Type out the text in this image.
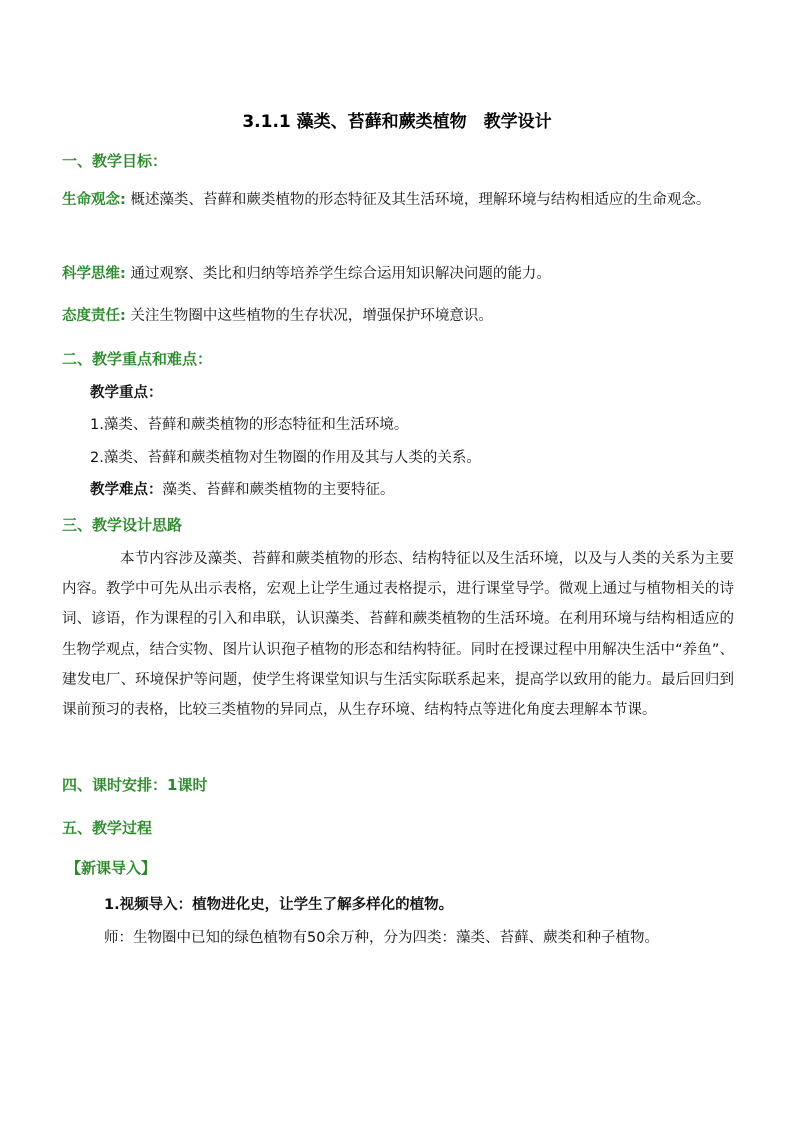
3.1.1 藻类、苔藓和蕨类植物　教学设计
一、教学目标：
生命观念: 概述藻类、苔藓和蕨类植物的形态特征及其生活环境，理解环境与结构相适应的生命观念。
科学思维: 通过观察、类比和归纳等培养学生综合运用知识解决问题的能力。
态度责任: 关注生物圈中这些植物的生存状况，增强保护环境意识。
二、教学重点和难点：
教学重点：
1.藻类、苔藓和蕨类植物的形态特征和生活环境。
2.藻类、苔藓和蕨类植物对生物圈的作用及其与人类的关系。
教学难点：藻类、苔藓和蕨类植物的主要特征。
三、教学设计思路
本节内容涉及藻类、苔藓和蕨类植物的形态、结构特征以及生活环境，以及与人类的关系为主要内容。教学中可先从出示表格，宏观上让学生通过表格提示，进行课堂导学。微观上通过与植物相关的诗词、谚语，作为课程的引入和串联，认识藻类、苔藓和蕨类植物的生活环境。在利用环境与结构相适应的生物学观点，结合实物、图片认识孢子植物的形态和结构特征。同时在授课过程中用解决生活中“养鱼”、建发电厂、环境保护等问题，使学生将课堂知识与生活实际联系起来，提高学以致用的能力。最后回归到课前预习的表格，比较三类植物的异同点，从生存环境、结构特点等进化角度去理解本节课。
四、课时安排：1课时
五、教学过程
【新课导入】
1.视频导入：植物进化史，让学生了解多样化的植物。
师：生物圈中已知的绿色植物有50余万种，分为四类：藻类、苔藓、蕨类和种子植物。
